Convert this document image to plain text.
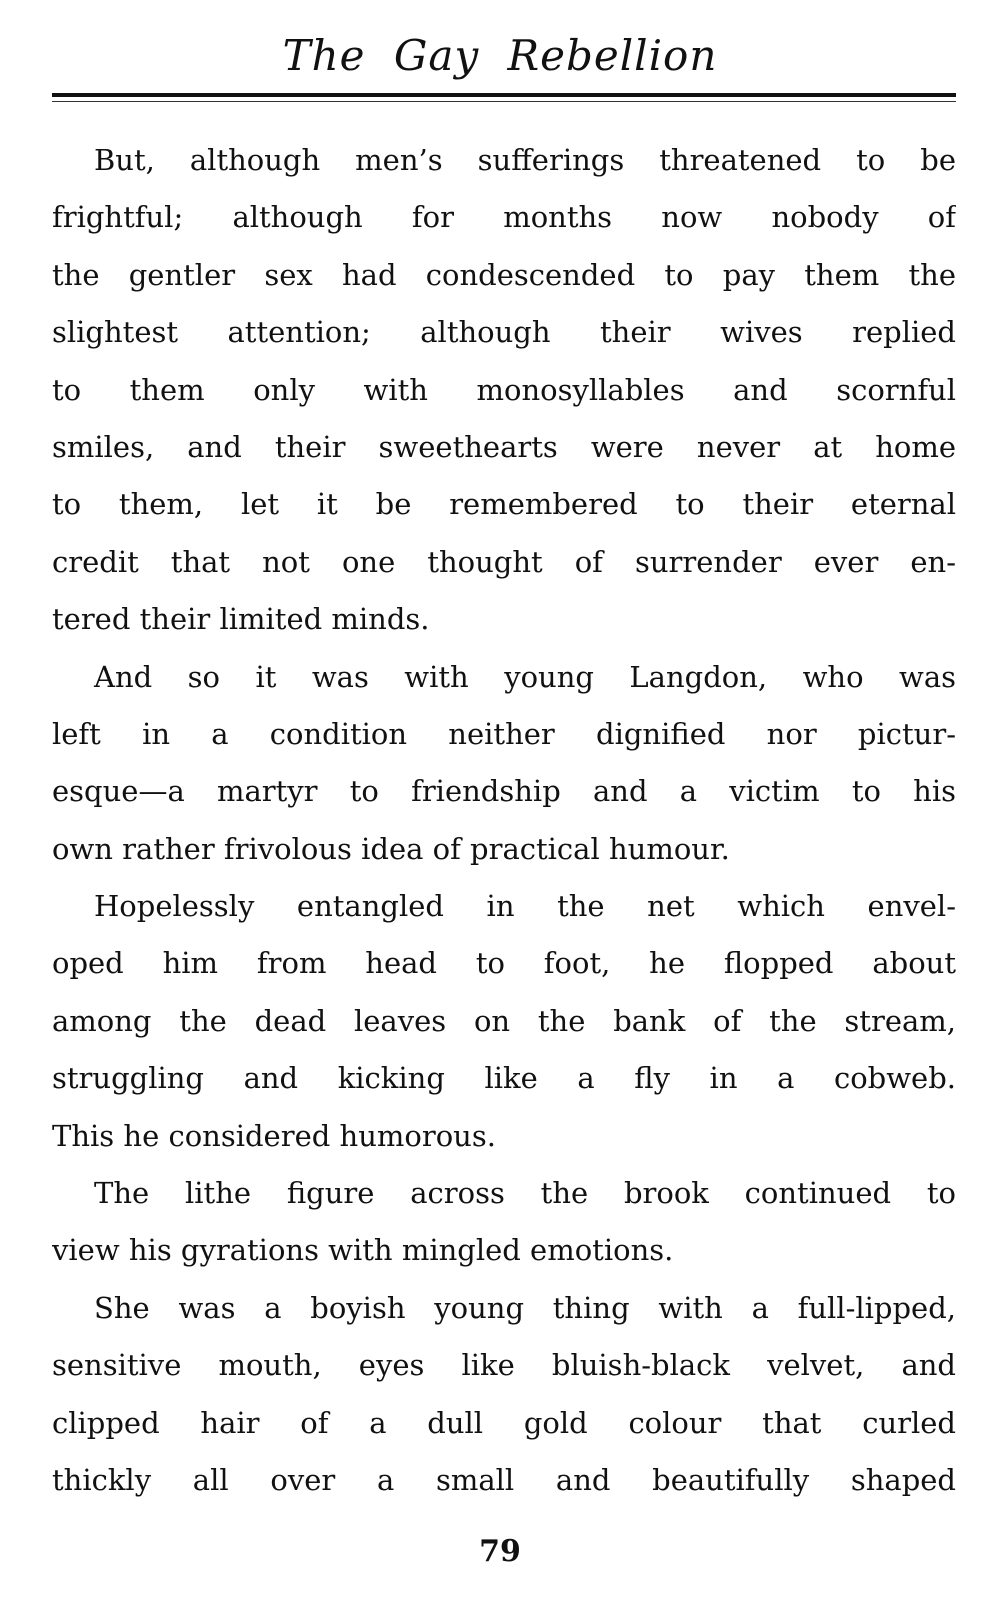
The Gay Rebellion
But, although men’s sufferings threatened to be
frightful; although for months now nobody of
the gentler sex had condescended to pay them the
slightest attention; although their wives replied
to them only with monosyllables and scornful
smiles, and their sweethearts were never at home
to them, let it be remembered to their eternal
credit that not one thought of surrender ever en-
tered their limited minds.
And so it was with young Langdon, who was
left in a condition neither dignified nor pictur-
esque—a martyr to friendship and a victim to his
own rather frivolous idea of practical humour.
Hopelessly entangled in the net which envel-
oped him from head to foot, he flopped about
among the dead leaves on the bank of the stream,
struggling and kicking like a fly in a cobweb.
This he considered humorous.
The lithe figure across the brook continued to
view his gyrations with mingled emotions.
She was a boyish young thing with a full-lipped,
sensitive mouth, eyes like bluish-black velvet, and
clipped hair of a dull gold colour that curled
thickly all over a small and beautifully shaped
79
